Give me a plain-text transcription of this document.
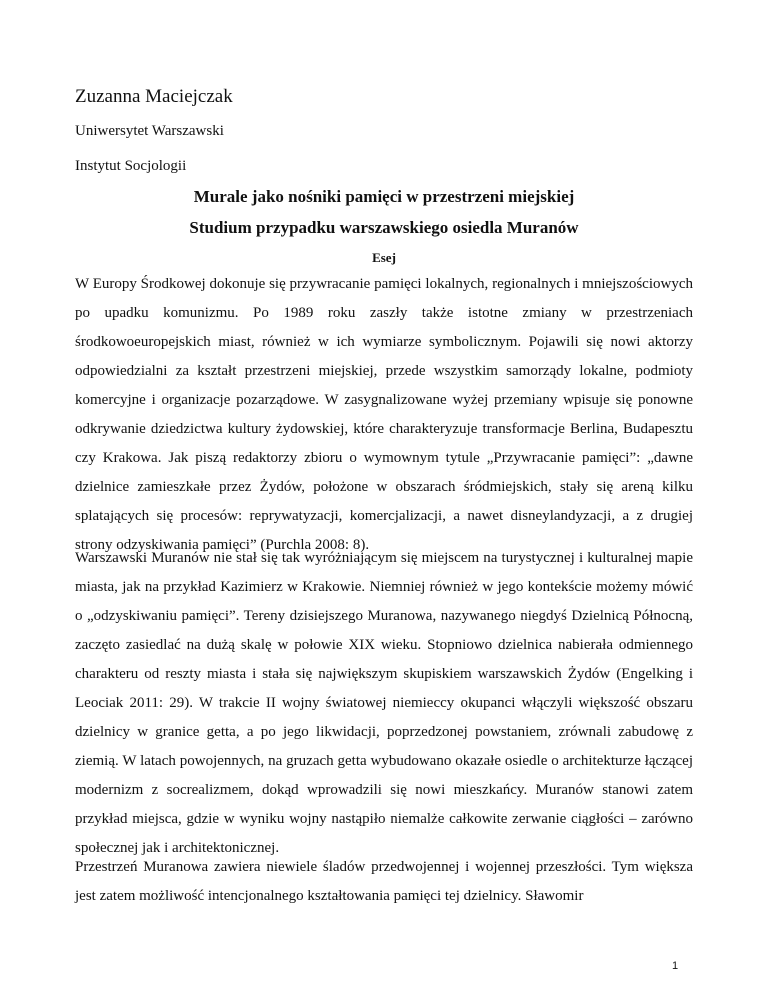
Zuzanna Maciejczak

Uniwersytet Warszawski

Instytut Socjologii

Murale jako nośniki pamięci w przestrzeni miejskiej

Studium przypadku warszawskiego osiedla Muranów

Esej

W Europy Środkowej dokonuje się przywracanie pamięci lokalnych, regionalnych i mniejszościowych po upadku komunizmu. Po 1989 roku zaszły także istotne zmiany w przestrzeniach środkowoeuropejskich miast, również w ich wymiarze symbolicznym. Pojawili się nowi aktorzy odpowiedzialni za kształt przestrzeni miejskiej, przede wszystkim samorządy lokalne, podmioty komercyjne i organizacje pozarządowe. W zasygnalizowane wyżej przemiany wpisuje się ponowne odkrywanie dziedzictwa kultury żydowskiej, które charakteryzuje transformacje Berlina, Budapesztu czy Krakowa. Jak piszą redaktorzy zbioru o wymownym tytule „Przywracanie pamięci”: „dawne dzielnice zamieszkałe przez Żydów, położone w obszarach śródmiejskich, stały się areną kilku splatających się procesów: reprywatyzacji, komercjalizacji, a nawet disneylandyzacji, a z drugiej strony odzyskiwania pamięci” (Purchla 2008: 8).

Warszawski Muranów nie stał się tak wyróżniającym się miejscem na turystycznej i kulturalnej mapie miasta, jak na przykład Kazimierz w Krakowie. Niemniej również w jego kontekście możemy mówić o „odzyskiwaniu pamięci”. Tereny dzisiejszego Muranowa, nazywanego niegdyś Dzielnicą Północną, zaczęto zasiedlać na dużą skalę w połowie XIX wieku. Stopniowo dzielnica nabierała odmiennego charakteru od reszty miasta i stała się największym skupiskiem warszawskich Żydów (Engelking i Leociak 2011: 29). W trakcie II wojny światowej niemieccy okupanci włączyli większość obszaru dzielnicy w granice getta, a po jego likwidacji, poprzedzonej powstaniem, zrównali zabudowę z ziemią. W latach powojennych, na gruzach getta wybudowano okazałe osiedle o architekturze łączącej modernizm z socrealizmem, dokąd wprowadzili się nowi mieszkańcy. Muranów stanowi zatem przykład miejsca, gdzie w wyniku wojny nastąpiło niemalże całkowite zerwanie ciągłości – zarówno społecznej jak i architektonicznej.

Przestrzeń Muranowa zawiera niewiele śladów przedwojennej i wojennej przeszłości. Tym większa jest zatem możliwość intencjonalnego kształtowania pamięci tej dzielnicy. Sławomir

1
